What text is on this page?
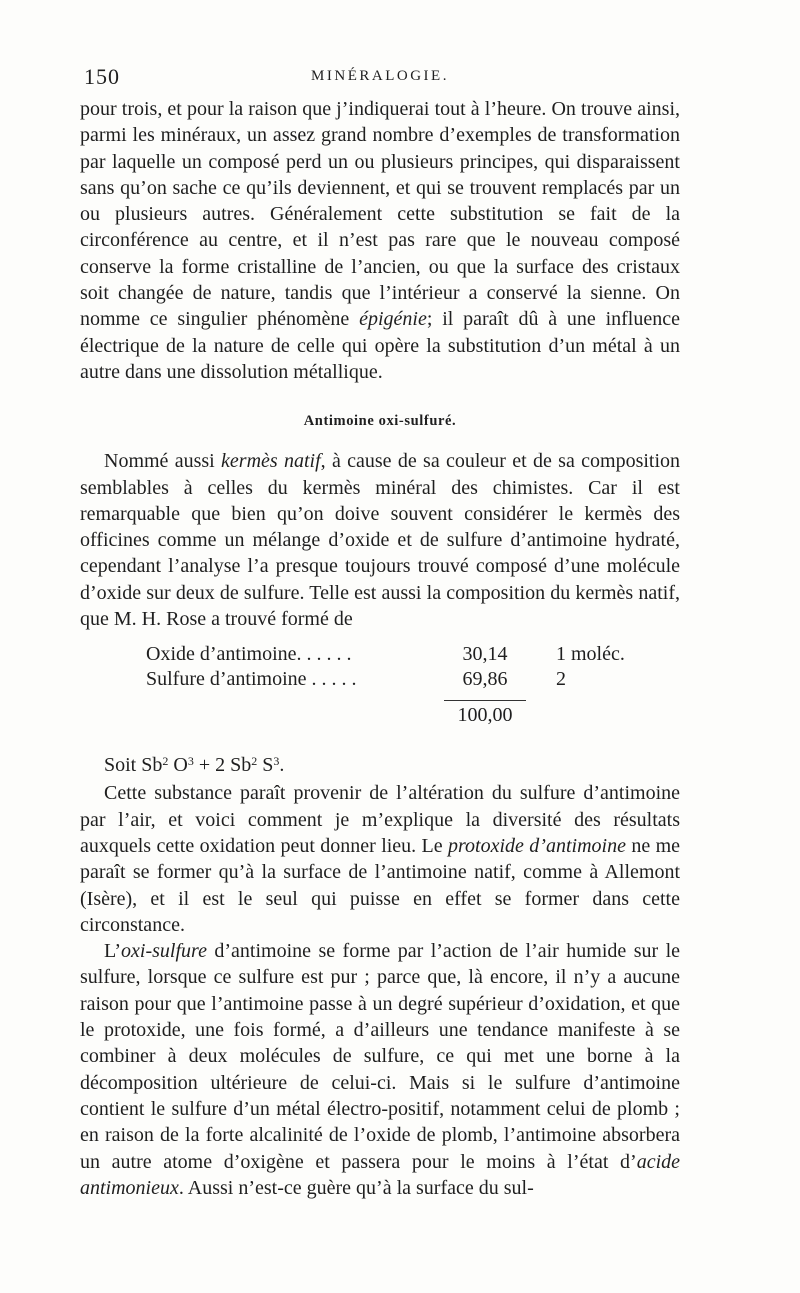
150	MINÉRALOGIE.

pour trois, et pour la raison que j’indiquerai tout à l’heure. On trouve ainsi, parmi les minéraux, un assez grand nombre d’exemples de transformation par laquelle un composé perd un ou plusieurs principes, qui disparaissent sans qu’on sache ce qu’ils deviennent, et qui se trouvent remplacés par un ou plusieurs autres. Généralement cette substitution se fait de la circonférence au centre, et il n’est pas rare que le nouveau composé conserve la forme cristalline de l’ancien, ou que la surface des cristaux soit changée de nature, tandis que l’intérieur a conservé la sienne. On nomme ce singulier phénomène épigénie; il paraît dû à une influence électrique de la nature de celle qui opère la substitution d’un métal à un autre dans une dissolution métallique.

Antimoine oxi-sulfuré.

Nommé aussi kermès natif, à cause de sa couleur et de sa composition semblables à celles du kermès minéral des chimistes. Car il est remarquable que bien qu’on doive souvent considérer le kermès des officines comme un mélange d’oxide et de sulfure d’antimoine hydraté, cependant l’analyse l’a presque toujours trouvé composé d’une molécule d’oxide sur deux de sulfure. Telle est aussi la composition du kermès natif, que M. H. Rose a trouvé formé de

Oxide d’antimoine. . . . . .	30,14		1 moléc.
Sulfure d’antimoine . . . . .	69,86		2
	100,00		

Soit Sb$^2$ $O^3 + 2$ Sb$^2$ $S^3$.

Cette substance paraît provenir de l’altération du sulfure d’antimoine par l’air, et voici comment je m’explique la diversité des résultats auxquels cette oxidation peut donner lieu. Le protoxide d’antimoine ne me paraît se former qu’à la surface de l’antimoine natif, comme à Allemont (Isère), et il est le seul qui puisse en effet se former dans cette circonstance.

L’oxi-sulfure d’antimoine se forme par l’action de l’air humide sur le sulfure, lorsque ce sulfure est pur ; parce que, là encore, il n’y a aucune raison pour que l’antimoine passe à un degré supérieur d’oxidation, et que le protoxide, une fois formé, a d’ailleurs une tendance manifeste à se combiner à deux molécules de sulfure, ce qui met une borne à la décomposition ultérieure de celui-ci. Mais si le sulfure d’antimoine contient le sulfure d’un métal électro-positif, notamment celui de plomb ; en raison de la forte alcalinité de l’oxide de plomb, l’antimoine absorbera un autre atome d’oxigène et passera pour le moins à l’état d’acide antimonieux. Aussi n’est-ce guère qu’à la surface du sul-
